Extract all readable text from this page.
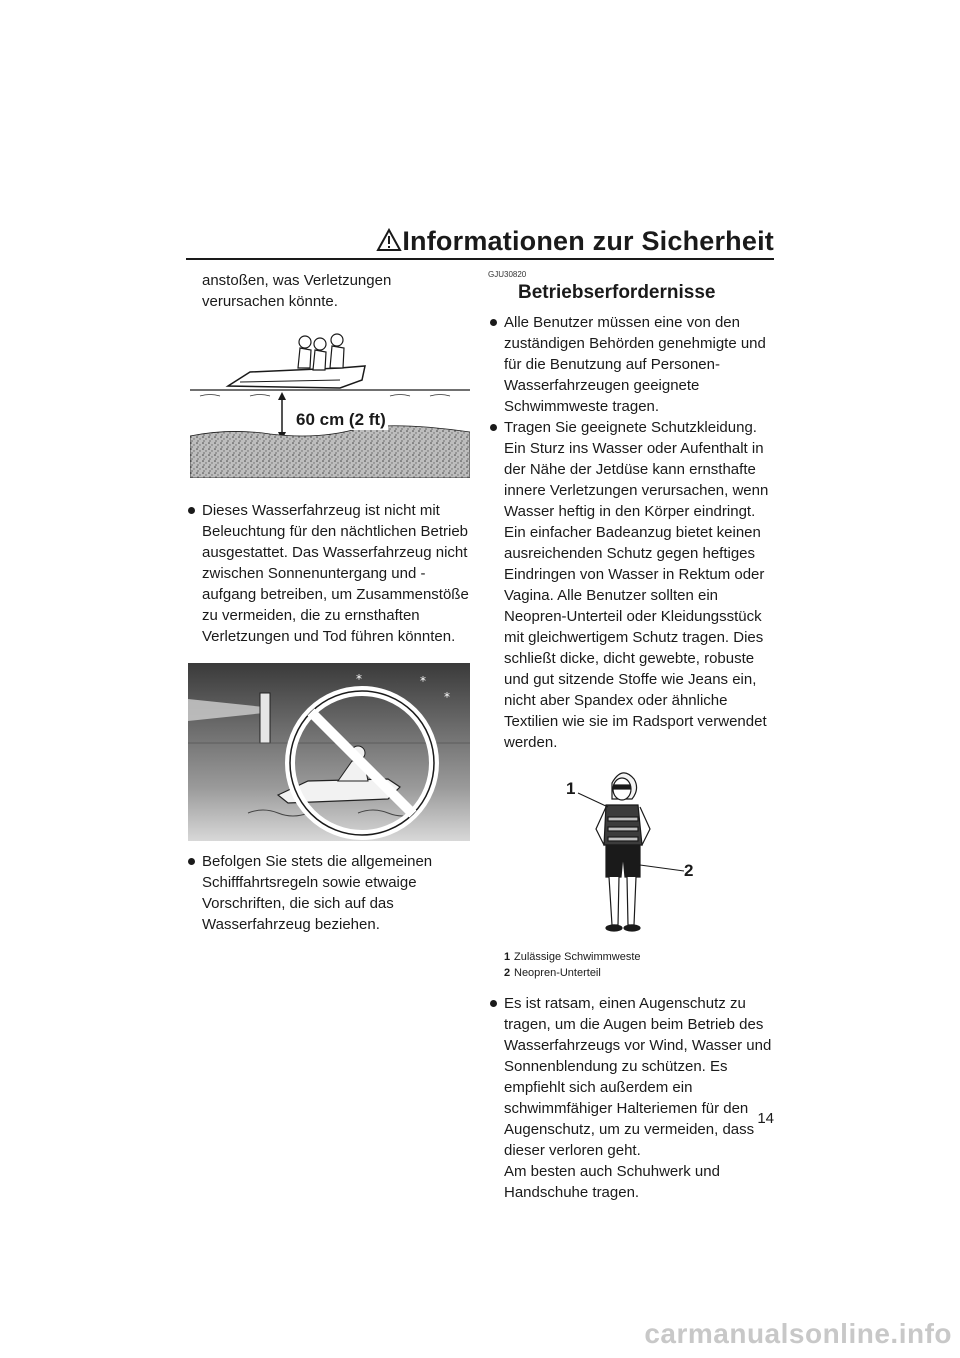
Informationen zur Sicherheit
anstoßen, was Verletzungen verursachen könnte.
60 cm (2 ft)
Dieses Wasserfahrzeug ist nicht mit Beleuchtung für den nächtlichen Betrieb ausgestattet. Das Wasserfahrzeug nicht zwischen Sonnenuntergang und -aufgang betreiben, um Zusammenstöße zu vermeiden, die zu ernsthaften Verletzungen und Tod führen könnten.
*	*
*
Befolgen Sie stets die allgemeinen Schifffahrtsregeln sowie etwaige Vorschriften, die sich auf das Wasserfahrzeug beziehen.
GJU30820
Betriebserfordernisse
Alle Benutzer müssen eine von den zuständigen Behörden genehmigte und für die Benutzung auf Personen-Wasserfahrzeugen geeignete Schwimmweste tragen.
Tragen Sie geeignete Schutzkleidung. Ein Sturz ins Wasser oder Aufenthalt in der Nähe der Jetdüse kann ernsthafte innere Verletzungen verursachen, wenn Wasser heftig in den Körper eindringt.
Ein einfacher Badeanzug bietet keinen ausreichenden Schutz gegen heftiges Eindringen von Wasser in Rektum oder Vagina. Alle Benutzer sollten ein Neopren-Unterteil oder Kleidungsstück mit gleichwertigem Schutz tragen. Dies schließt dicke, dicht gewebte, robuste und gut sitzende Stoffe wie Jeans ein, nicht aber Spandex oder ähnliche Textilien wie sie im Radsport verwendet werden.
1
2
1 Zulässige Schwimmweste
2 Neopren-Unterteil
Es ist ratsam, einen Augenschutz zu tragen, um die Augen beim Betrieb des Wasserfahrzeugs vor Wind, Wasser und Sonnenblendung zu schützen. Es empfiehlt sich außerdem ein schwimmfähiger Halteriemen für den Augenschutz, um zu vermeiden, dass dieser verloren geht.
Am besten auch Schuhwerk und Handschuhe tragen.
14
carmanualsonline.info
